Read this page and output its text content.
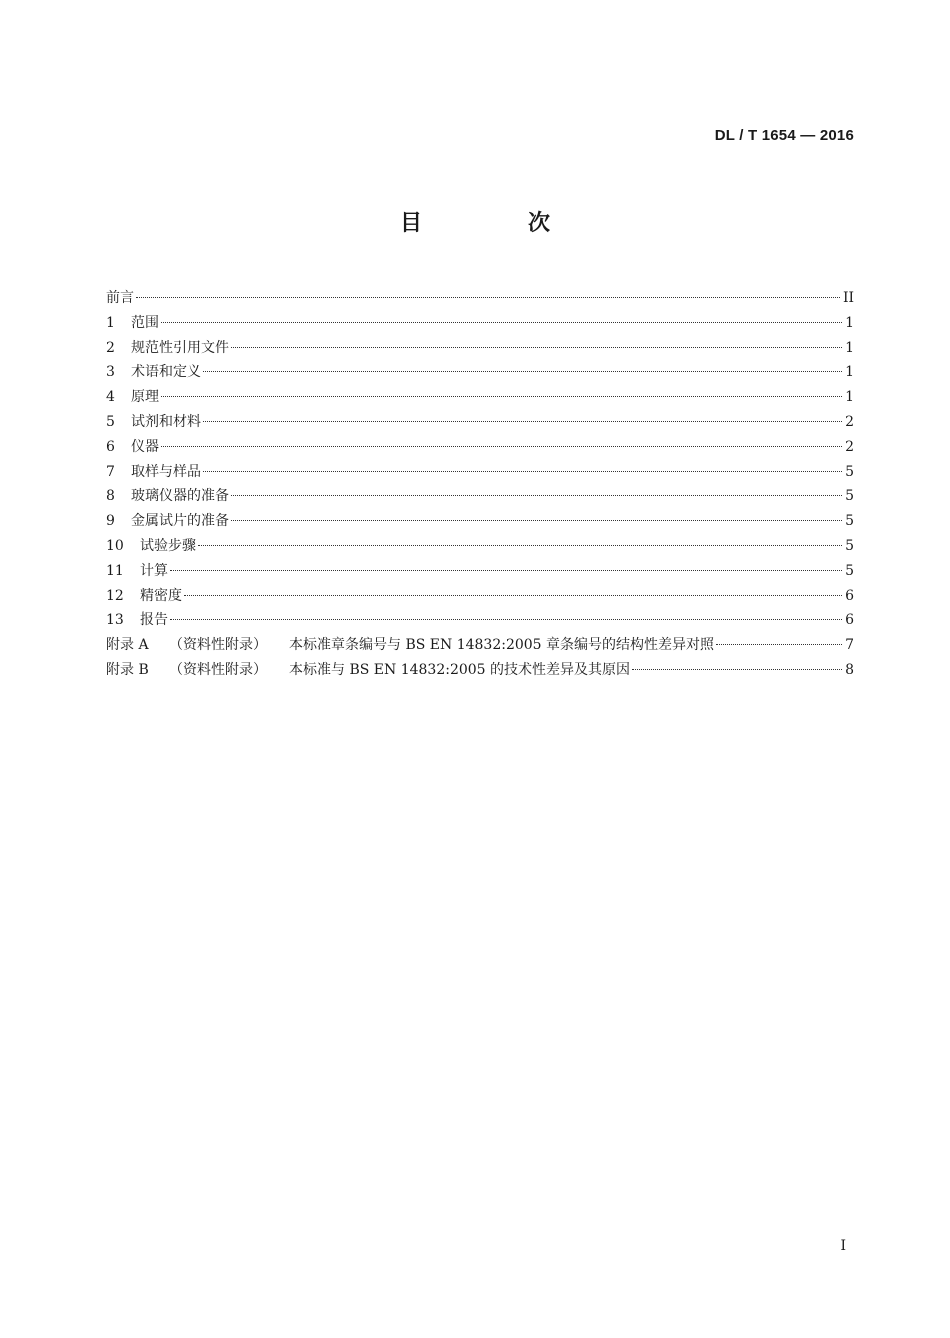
DL / T 1654 — 2016
目　次
前言	II
1	范围	1
2	规范性引用文件	1
3	术语和定义	1
4	原理	1
5	试剂和材料	2
6	仪器	2
7	取样与样品	5
8	玻璃仪器的准备	5
9	金属试片的准备	5
10	试验步骤	5
11	计算	5
12	精密度	6
13	报告	6
附录 A	（资料性附录）	本标准章条编号与 BS EN 14832:2005 章条编号的结构性差异对照	7
附录 B	（资料性附录）	本标准与 BS EN 14832:2005 的技术性差异及其原因	8
I
